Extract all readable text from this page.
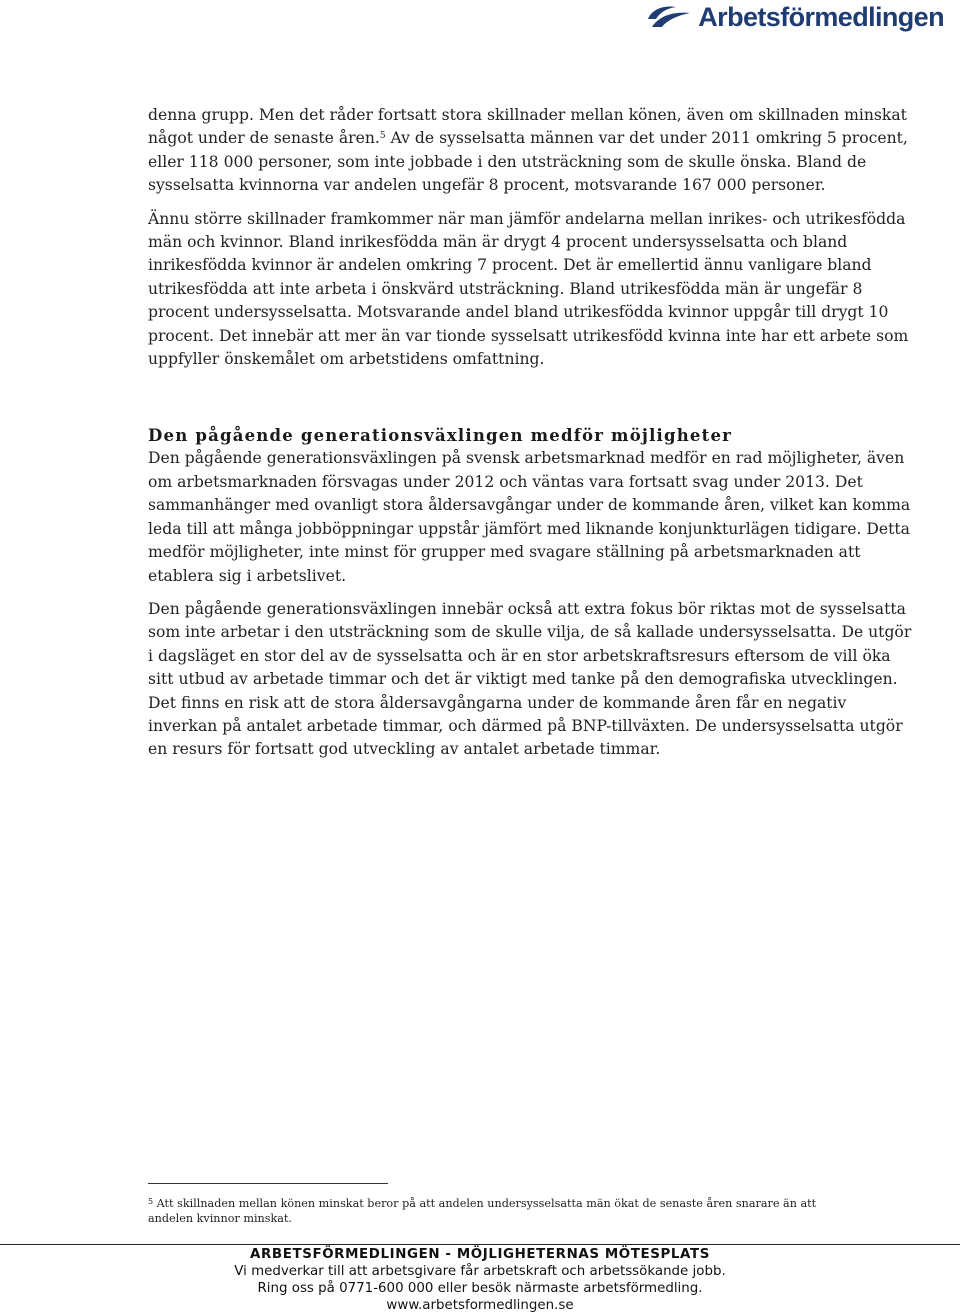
Arbetsförmedlingen

denna grupp. Men det råder fortsatt stora skillnader mellan könen, även om skillnaden minskat något under de senaste åren.$^5$ Av de sysselsatta männen var det under 2011 omkring 5 procent, eller 118 000 personer, som inte jobbade i den utsträckning som de skulle önska. Bland de sysselsatta kvinnorna var andelen ungefär 8 procent, motsvarande 167 000 personer.

Ännu större skillnader framkommer när man jämför andelarna mellan inrikes- och utrikesfödda män och kvinnor. Bland inrikesfödda män är drygt 4 procent undersysselsatta och bland inrikesfödda kvinnor är andelen omkring 7 procent. Det är emellertid ännu vanligare bland utrikesfödda att inte arbeta i önskvärd utsträckning. Bland utrikesfödda män är ungefär 8 procent undersysselsatta. Motsvarande andel bland utrikesfödda kvinnor uppgår till drygt 10 procent. Det innebär att mer än var tionde sysselsatt utrikesfödd kvinna inte har ett arbete som uppfyller önskemålet om arbetstidens omfattning.

Den pågående generationsväxlingen medför möjligheter

Den pågående generationsväxlingen på svensk arbetsmarknad medför en rad möjligheter, även om arbetsmarknaden försvagas under 2012 och väntas vara fortsatt svag under 2013. Det sammanhänger med ovanligt stora åldersavgångar under de kommande åren, vilket kan komma leda till att många jobböppningar uppstår jämfört med liknande konjunkturlägen tidigare. Detta medför möjligheter, inte minst för grupper med svagare ställning på arbetsmarknaden att etablera sig i arbetslivet.

Den pågående generationsväxlingen innebär också att extra fokus bör riktas mot de sysselsatta som inte arbetar i den utsträckning som de skulle vilja, de så kallade undersysselsatta. De utgör i dagsläget en stor del av de sysselsatta och är en stor arbetskraftsresurs eftersom de vill öka sitt utbud av arbetade timmar och det är viktigt med tanke på den demografiska utvecklingen. Det finns en risk att de stora åldersavgångarna under de kommande åren får en negativ inverkan på antalet arbetade timmar, och därmed på BNP-tillväxten. De undersysselsatta utgör en resurs för fortsatt god utveckling av antalet arbetade timmar.

$^5$ Att skillnaden mellan könen minskat beror på att andelen undersysselsatta män ökat de senaste åren snarare än att andelen kvinnor minskat.

ARBETSFÖRMEDLINGEN - MÖJLIGHETERNAS MÖTESPLATS
Vi medverkar till att arbetsgivare får arbetskraft och arbetssökande jobb.
Ring oss på 0771-600 000 eller besök närmaste arbetsförmedling.
www.arbetsformedlingen.se
